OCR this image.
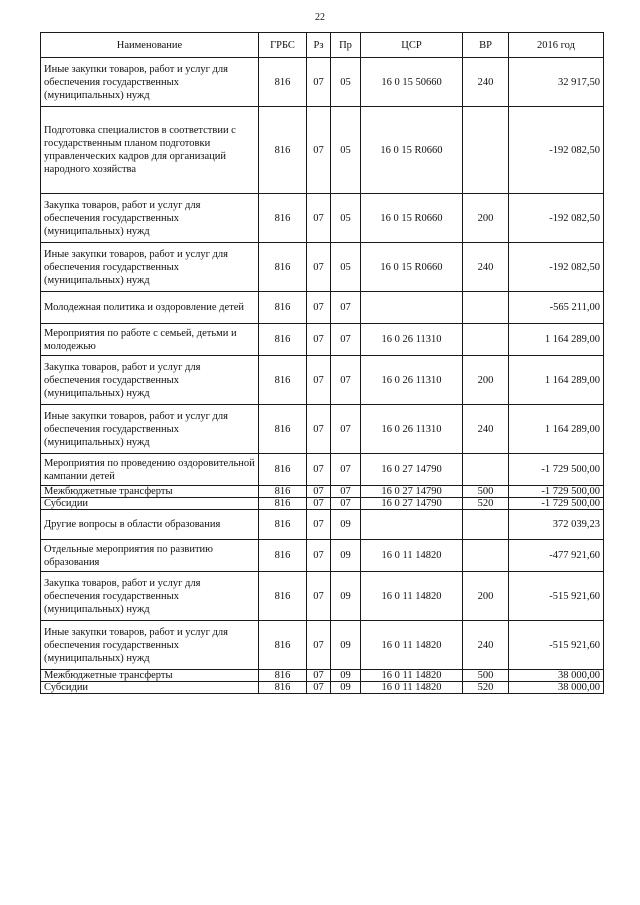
22
Наименование	ГРБС	Рз	Пр	ЦСР	ВР	2016 год
Иные закупки товаров, работ и услуг для обеспечения государственных (муниципальных) нужд	816	07	05	16 0 15 50660	240	32 917,50
Подготовка специалистов в соответствии с государственным планом подготовки управленческих кадров для организаций народного хозяйства	816	07	05	16 0 15 R0660		-192 082,50
Закупка товаров, работ и услуг для обеспечения государственных (муниципальных) нужд	816	07	05	16 0 15 R0660	200	-192 082,50
Иные закупки товаров, работ и услуг для обеспечения государственных (муниципальных) нужд	816	07	05	16 0 15 R0660	240	-192 082,50
Молодежная политика и оздоровление детей	816	07	07			-565 211,00
Мероприятия по работе с семьей, детьми и молодежью	816	07	07	16 0 26 11310		1 164 289,00
Закупка товаров, работ и услуг для обеспечения государственных (муниципальных) нужд	816	07	07	16 0 26 11310	200	1 164 289,00
Иные закупки товаров, работ и услуг для обеспечения государственных (муниципальных) нужд	816	07	07	16 0 26 11310	240	1 164 289,00
Мероприятия по проведению оздоровительной кампании детей	816	07	07	16 0 27 14790		-1 729 500,00
Межбюджетные трансферты	816	07	07	16 0 27 14790	500	-1 729 500,00
Субсидии	816	07	07	16 0 27 14790	520	-1 729 500,00
Другие вопросы в области образования	816	07	09			372 039,23
Отдельные мероприятия по развитию образования	816	07	09	16 0 11 14820		-477 921,60
Закупка товаров, работ и услуг для обеспечения государственных (муниципальных) нужд	816	07	09	16 0 11 14820	200	-515 921,60
Иные закупки товаров, работ и услуг для обеспечения государственных (муниципальных) нужд	816	07	09	16 0 11 14820	240	-515 921,60
Межбюджетные трансферты	816	07	09	16 0 11 14820	500	38 000,00
Субсидии	816	07	09	16 0 11 14820	520	38 000,00
